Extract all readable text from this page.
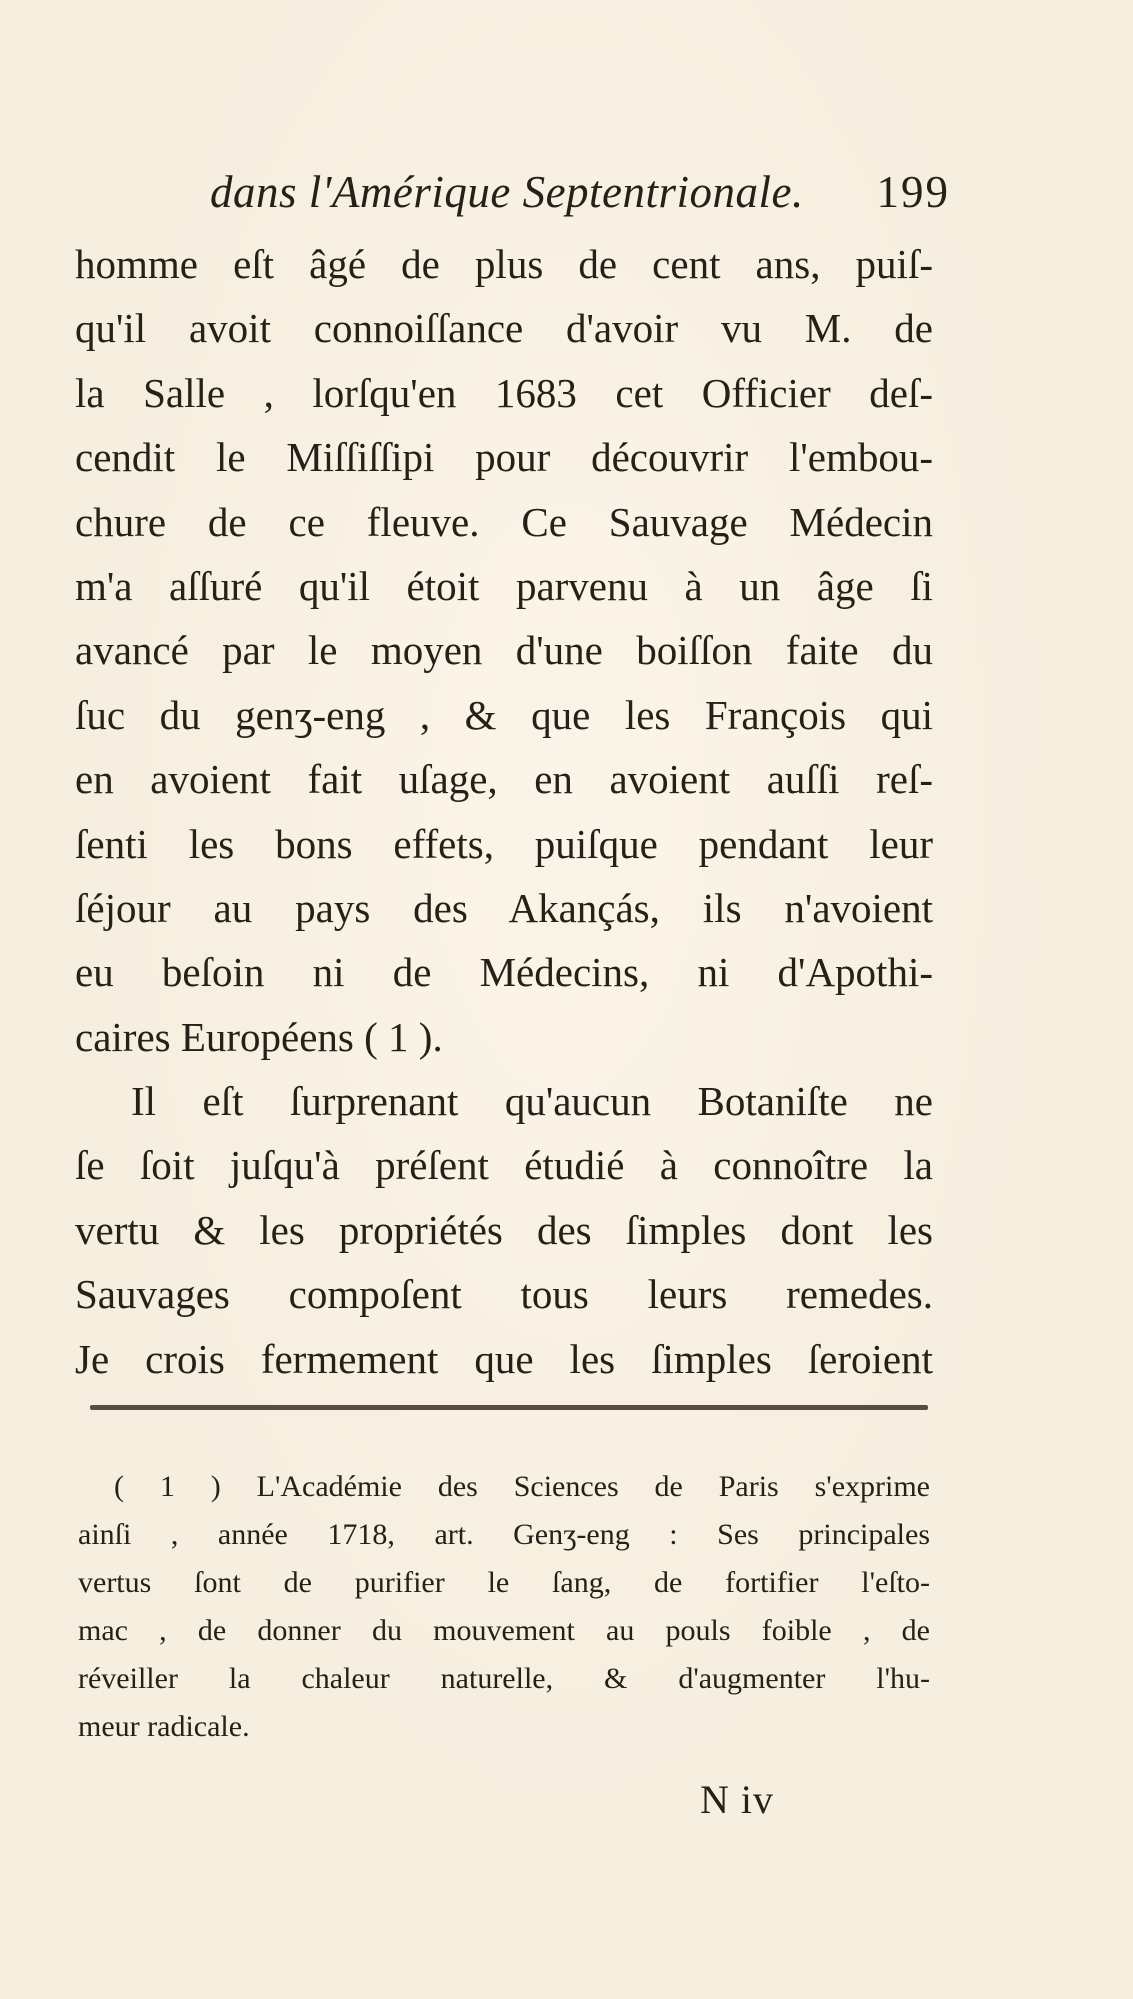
dans l'Amérique Septentrionale. 199
homme eſt âgé de plus de cent ans, puiſ-
qu'il avoit connoiſſance d'avoir vu M. de
la Salle , lorſqu'en 1683 cet Officier deſ-
cendit le Miſſiſſipi pour découvrir l'embou-
chure de ce fleuve. Ce Sauvage Médecin
m'a aſſuré qu'il étoit parvenu à un âge ſi
avancé par le moyen d'une boiſſon faite du
ſuc du genʒ-eng , & que les François qui
en avoient fait uſage, en avoient auſſi reſ-
ſenti les bons effets, puiſque pendant leur
ſéjour au pays des Akançás, ils n'avoient
eu beſoin ni de Médecins, ni d'Apothi-
caires Européens ( 1 ).
Il eſt ſurprenant qu'aucun Botaniſte ne
ſe ſoit juſqu'à préſent étudié à connoître la
vertu & les propriétés des ſimples dont les
Sauvages compoſent tous leurs remedes.
Je crois fermement que les ſimples ſeroient
( 1 ) L'Académie des Sciences de Paris s'exprime
ainſi , année 1718, art. Genʒ-eng : Ses principales
vertus ſont de purifier le ſang, de fortifier l'eſto-
mac , de donner du mouvement au pouls foible , de
réveiller la chaleur naturelle, & d'augmenter l'hu-
meur radicale.
N iv
